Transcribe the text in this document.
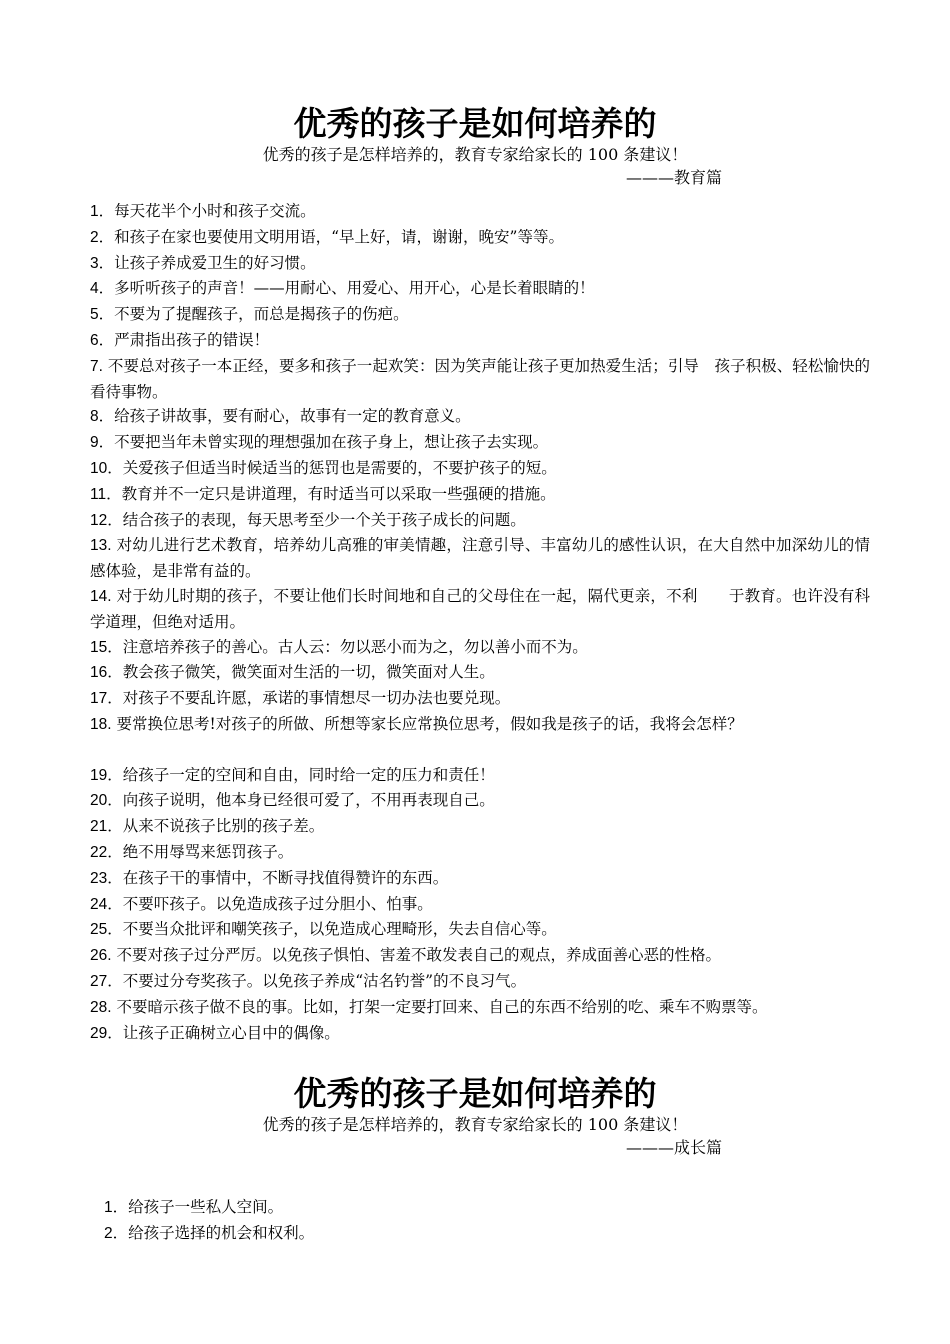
优秀的孩子是如何培养的

优秀的孩子是怎样培养的，教育专家给家长的 100 条建议！

———教育篇

1．每天花半个小时和孩子交流。
2．和孩子在家也要使用文明用语，“早上好，请，谢谢，晚安”等等。
3．让孩子养成爱卫生的好习惯。
4．多听听孩子的声音！——用耐心、用爱心、用开心，心是长着眼睛的！
5．不要为了提醒孩子，而总是揭孩子的伤疤。
6．严肃指出孩子的错误！
7. 不要总对孩子一本正经，要多和孩子一起欢笑：因为笑声能让孩子更加热爱生活；引导　孩子积极、轻松愉快的看待事物。
8．给孩子讲故事，要有耐心，故事有一定的教育意义。
9．不要把当年未曾实现的理想强加在孩子身上，想让孩子去实现。
10．关爱孩子但适当时候适当的惩罚也是需要的，不要护孩子的短。
11．教育并不一定只是讲道理，有时适当可以采取一些强硬的措施。
12．结合孩子的表现，每天思考至少一个关于孩子成长的问题。
13. 对幼儿进行艺术教育，培养幼儿高雅的审美情趣，注意引导、丰富幼儿的感性认识，在大自然中加深幼儿的情感体验，是非常有益的。
14. 对于幼儿时期的孩子，不要让他们长时间地和自己的父母住在一起，隔代更亲，不利　　于教育。也许没有科学道理，但绝对适用。
15．注意培养孩子的善心。古人云：勿以恶小而为之，勿以善小而不为。
16．教会孩子微笑，微笑面对生活的一切，微笑面对人生。
17．对孩子不要乱许愿，承诺的事情想尽一切办法也要兑现。
18. 要常换位思考!对孩子的所做、所想等家长应常换位思考，假如我是孩子的话，我将会怎样？
19．给孩子一定的空间和自由，同时给一定的压力和责任！
20．向孩子说明，他本身已经很可爱了，不用再表现自己。
21．从来不说孩子比别的孩子差。
22．绝不用辱骂来惩罚孩子。
23．在孩子干的事情中，不断寻找值得赞许的东西。
24．不要吓孩子。以免造成孩子过分胆小、怕事。
25．不要当众批评和嘲笑孩子，以免造成心理畸形，失去自信心等。
26. 不要对孩子过分严厉。以免孩子惧怕、害羞不敢发表自己的观点，养成面善心恶的性格。
27．不要过分夸奖孩子。以免孩子养成“沽名钓誉”的不良习气。
28. 不要暗示孩子做不良的事。比如，打架一定要打回来、自己的东西不给别的吃、乘车不购票等。
29．让孩子正确树立心目中的偶像。
优秀的孩子是如何培养的

优秀的孩子是怎样培养的，教育专家给家长的 100 条建议！

———成长篇

1．给孩子一些私人空间。
2．给孩子选择的机会和权利。
